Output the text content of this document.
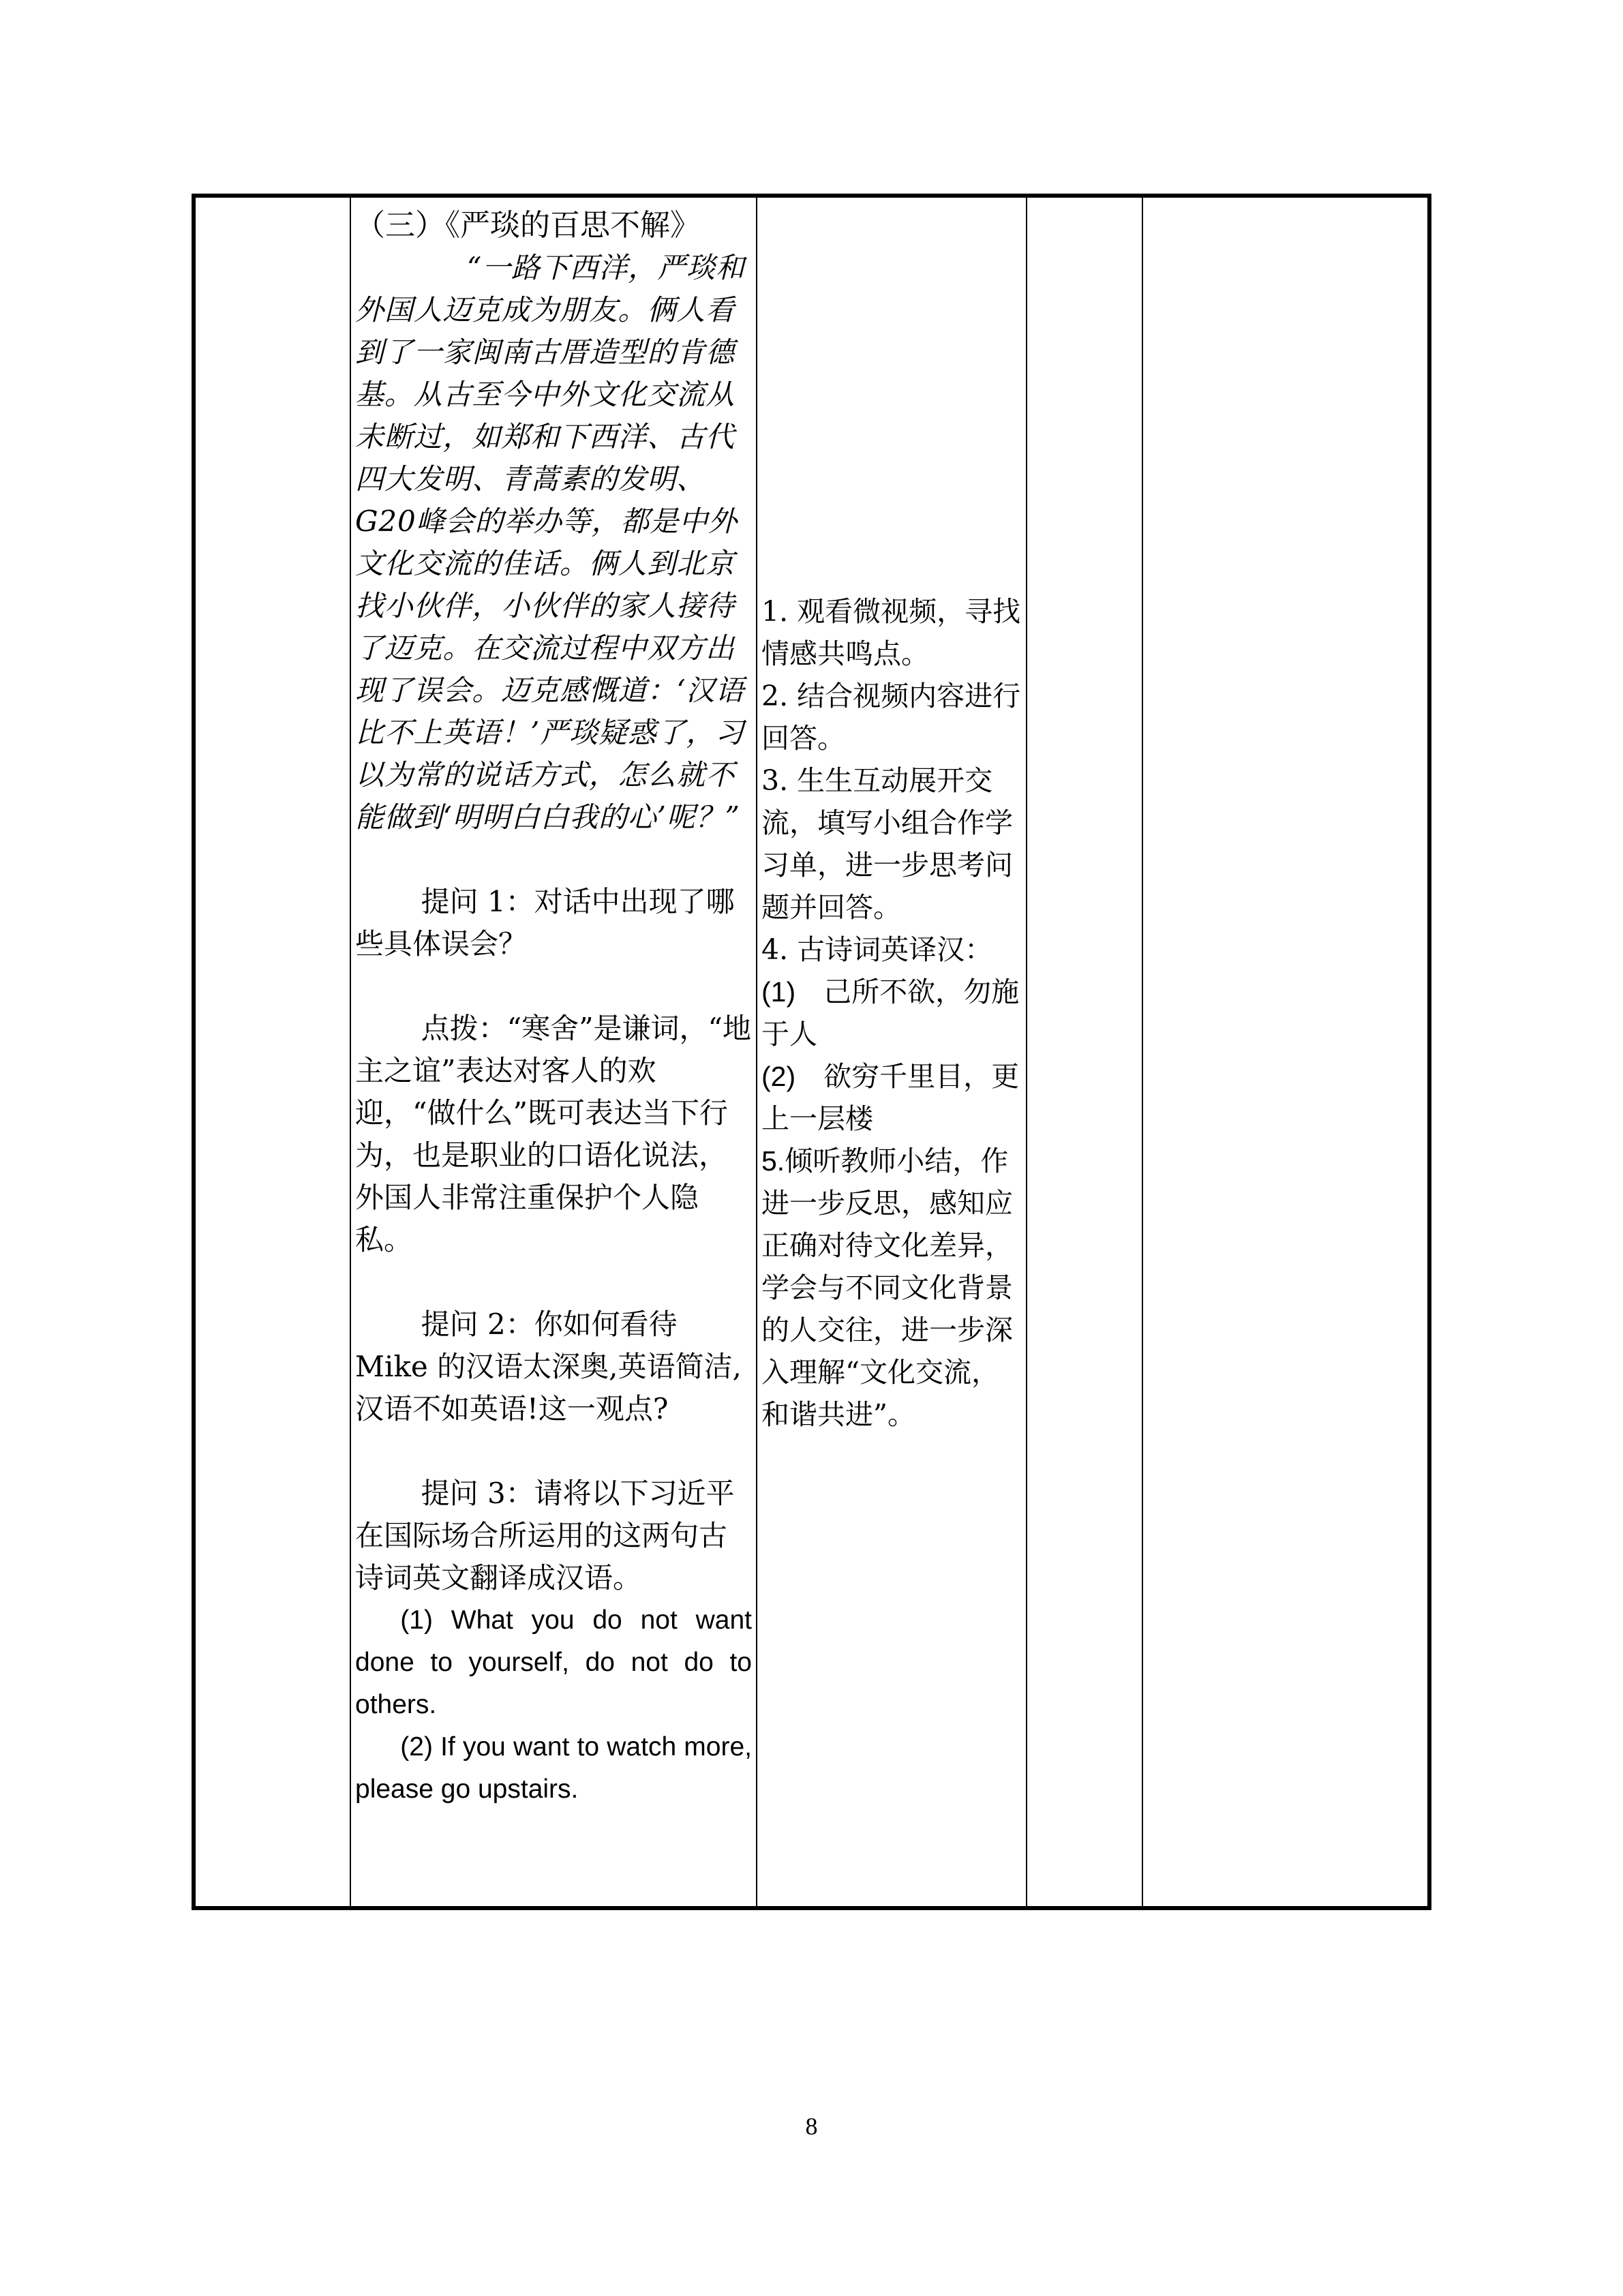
（三）《严琰的百思不解》

“一路下西洋，严琰和外国人迈克成为朋友。俩人看到了一家闽南古厝造型的肯德基。从古至今中外文化交流从未断过，如郑和下西洋、古代四大发明、青蒿素的发明、G20峰会的举办等，都是中外文化交流的佳话。俩人到北京找小伙伴，小伙伴的家人接待了迈克。在交流过程中双方出现了误会。迈克感慨道：‘汉语比不上英语！’严琰疑惑了，习以为常的说话方式，怎么就不能做到‘明明白白我的心’呢？”

提问 1：对话中出现了哪些具体误会？

点拨：“寒舍”是谦词，“地主之谊”表达对客人的欢迎，“做什么”既可表达当下行为，也是职业的口语化说法，外国人非常注重保护个人隐私。

提问 2：你如何看待 Mike 的汉语太深奥,英语简洁,汉语不如英语!这一观点?

提问 3：请将以下习近平在国际场合所运用的这两句古诗词英文翻译成汉语。

(1) What you do not want done to yourself, do not do to others.

(2) If you want to watch more, please go upstairs.

1. 观看微视频，寻找情感共鸣点。

2. 结合视频内容进行回答。

3. 生生互动展开交流，填写小组合作学习单，进一步思考问题并回答。

4. 古诗词英译汉：

(1)　 己所不欲，勿施于人

(2)　 欲穷千里目，更上一层楼

5.倾听教师小结，作进一步反思，感知应正确对待文化差异，学会与不同文化背景的人交往，进一步深入理解“文化交流，和谐共进”。

8
